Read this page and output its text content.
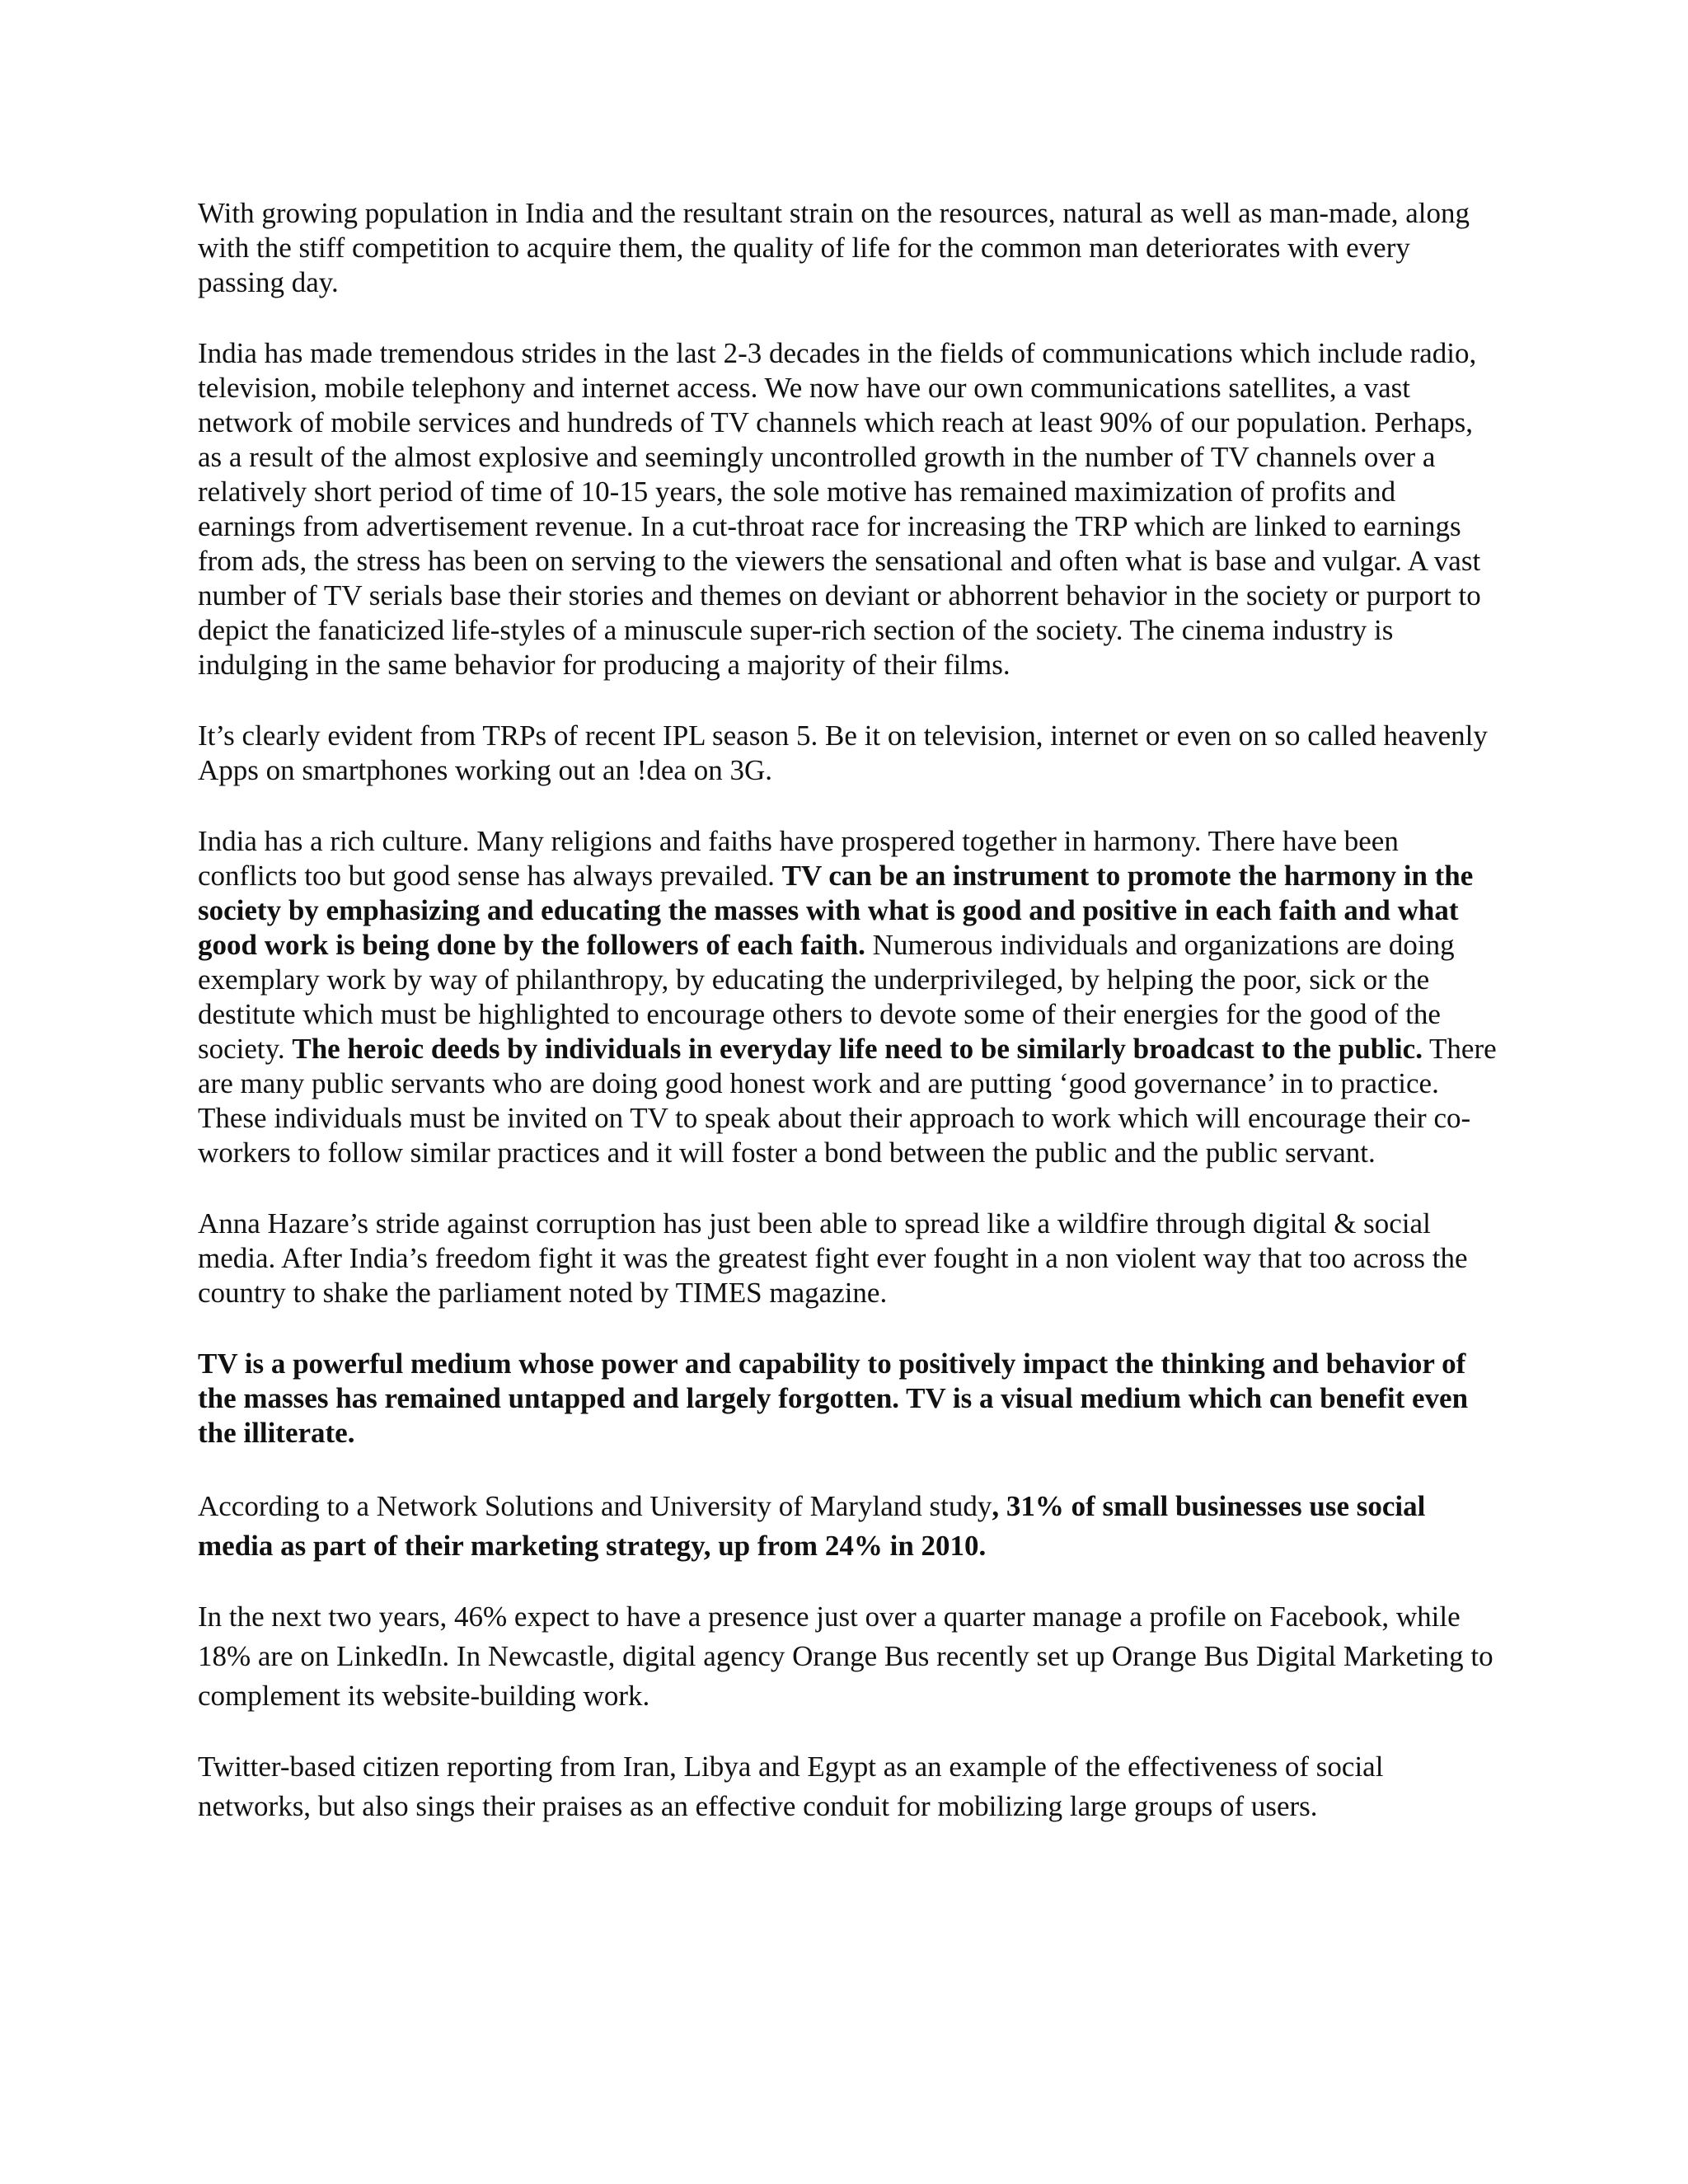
With growing population in India and the resultant strain on the resources, natural as well as man-made, along with the stiff competition to acquire them, the quality of life for the common man deteriorates with every passing day.

India has made tremendous strides in the last 2-3 decades in the fields of communications which include radio, television, mobile telephony and internet access. We now have our own communications satellites, a vast network of mobile services and hundreds of TV channels which reach at least 90% of our population. Perhaps, as a result of the almost explosive and seemingly uncontrolled growth in the number of TV channels over a relatively short period of time of 10-15 years, the sole motive has remained maximization of profits and earnings from advertisement revenue. In a cut-throat race for increasing the TRP which are linked to earnings from ads, the stress has been on serving to the viewers the sensational and often what is base and vulgar. A vast number of TV serials base their stories and themes on deviant or abhorrent behavior in the society or purport to depict the fanaticized life-styles of a minuscule super-rich section of the society. The cinema industry is indulging in the same behavior for producing a majority of their films.

It’s clearly evident from TRPs of recent IPL season 5. Be it on television, internet or even on so called heavenly Apps on smartphones working out an !dea on 3G.

India has a rich culture. Many religions and faiths have prospered together in harmony. There have been conflicts too but good sense has always prevailed. TV can be an instrument to promote the harmony in the society by emphasizing and educating the masses with what is good and positive in each faith and what good work is being done by the followers of each faith. Numerous individuals and organizations are doing exemplary work by way of philanthropy, by educating the underprivileged, by helping the poor, sick or the destitute which must be highlighted to encourage others to devote some of their energies for the good of the society. The heroic deeds by individuals in everyday life need to be similarly broadcast to the public. There are many public servants who are doing good honest work and are putting ‘good governance’ in to practice. These individuals must be invited on TV to speak about their approach to work which will encourage their co-workers to follow similar practices and it will foster a bond between the public and the public servant.

Anna Hazare’s stride against corruption has just been able to spread like a wildfire through digital & social media. After India’s freedom fight it was the greatest fight ever fought in a non violent way that too across the country to shake the parliament noted by TIMES magazine.

TV is a powerful medium whose power and capability to positively impact the thinking and behavior of the masses has remained untapped and largely forgotten. TV is a visual medium which can benefit even the illiterate.

According to a Network Solutions and University of Maryland study, 31% of small businesses use social media as part of their marketing strategy, up from 24% in 2010.

In the next two years, 46% expect to have a presence just over a quarter manage a profile on Facebook, while 18% are on LinkedIn. In Newcastle, digital agency Orange Bus recently set up Orange Bus Digital Marketing to complement its website-building work.

Twitter-based citizen reporting from Iran, Libya and Egypt as an example of the effectiveness of social networks, but also sings their praises as an effective conduit for mobilizing large groups of users.
